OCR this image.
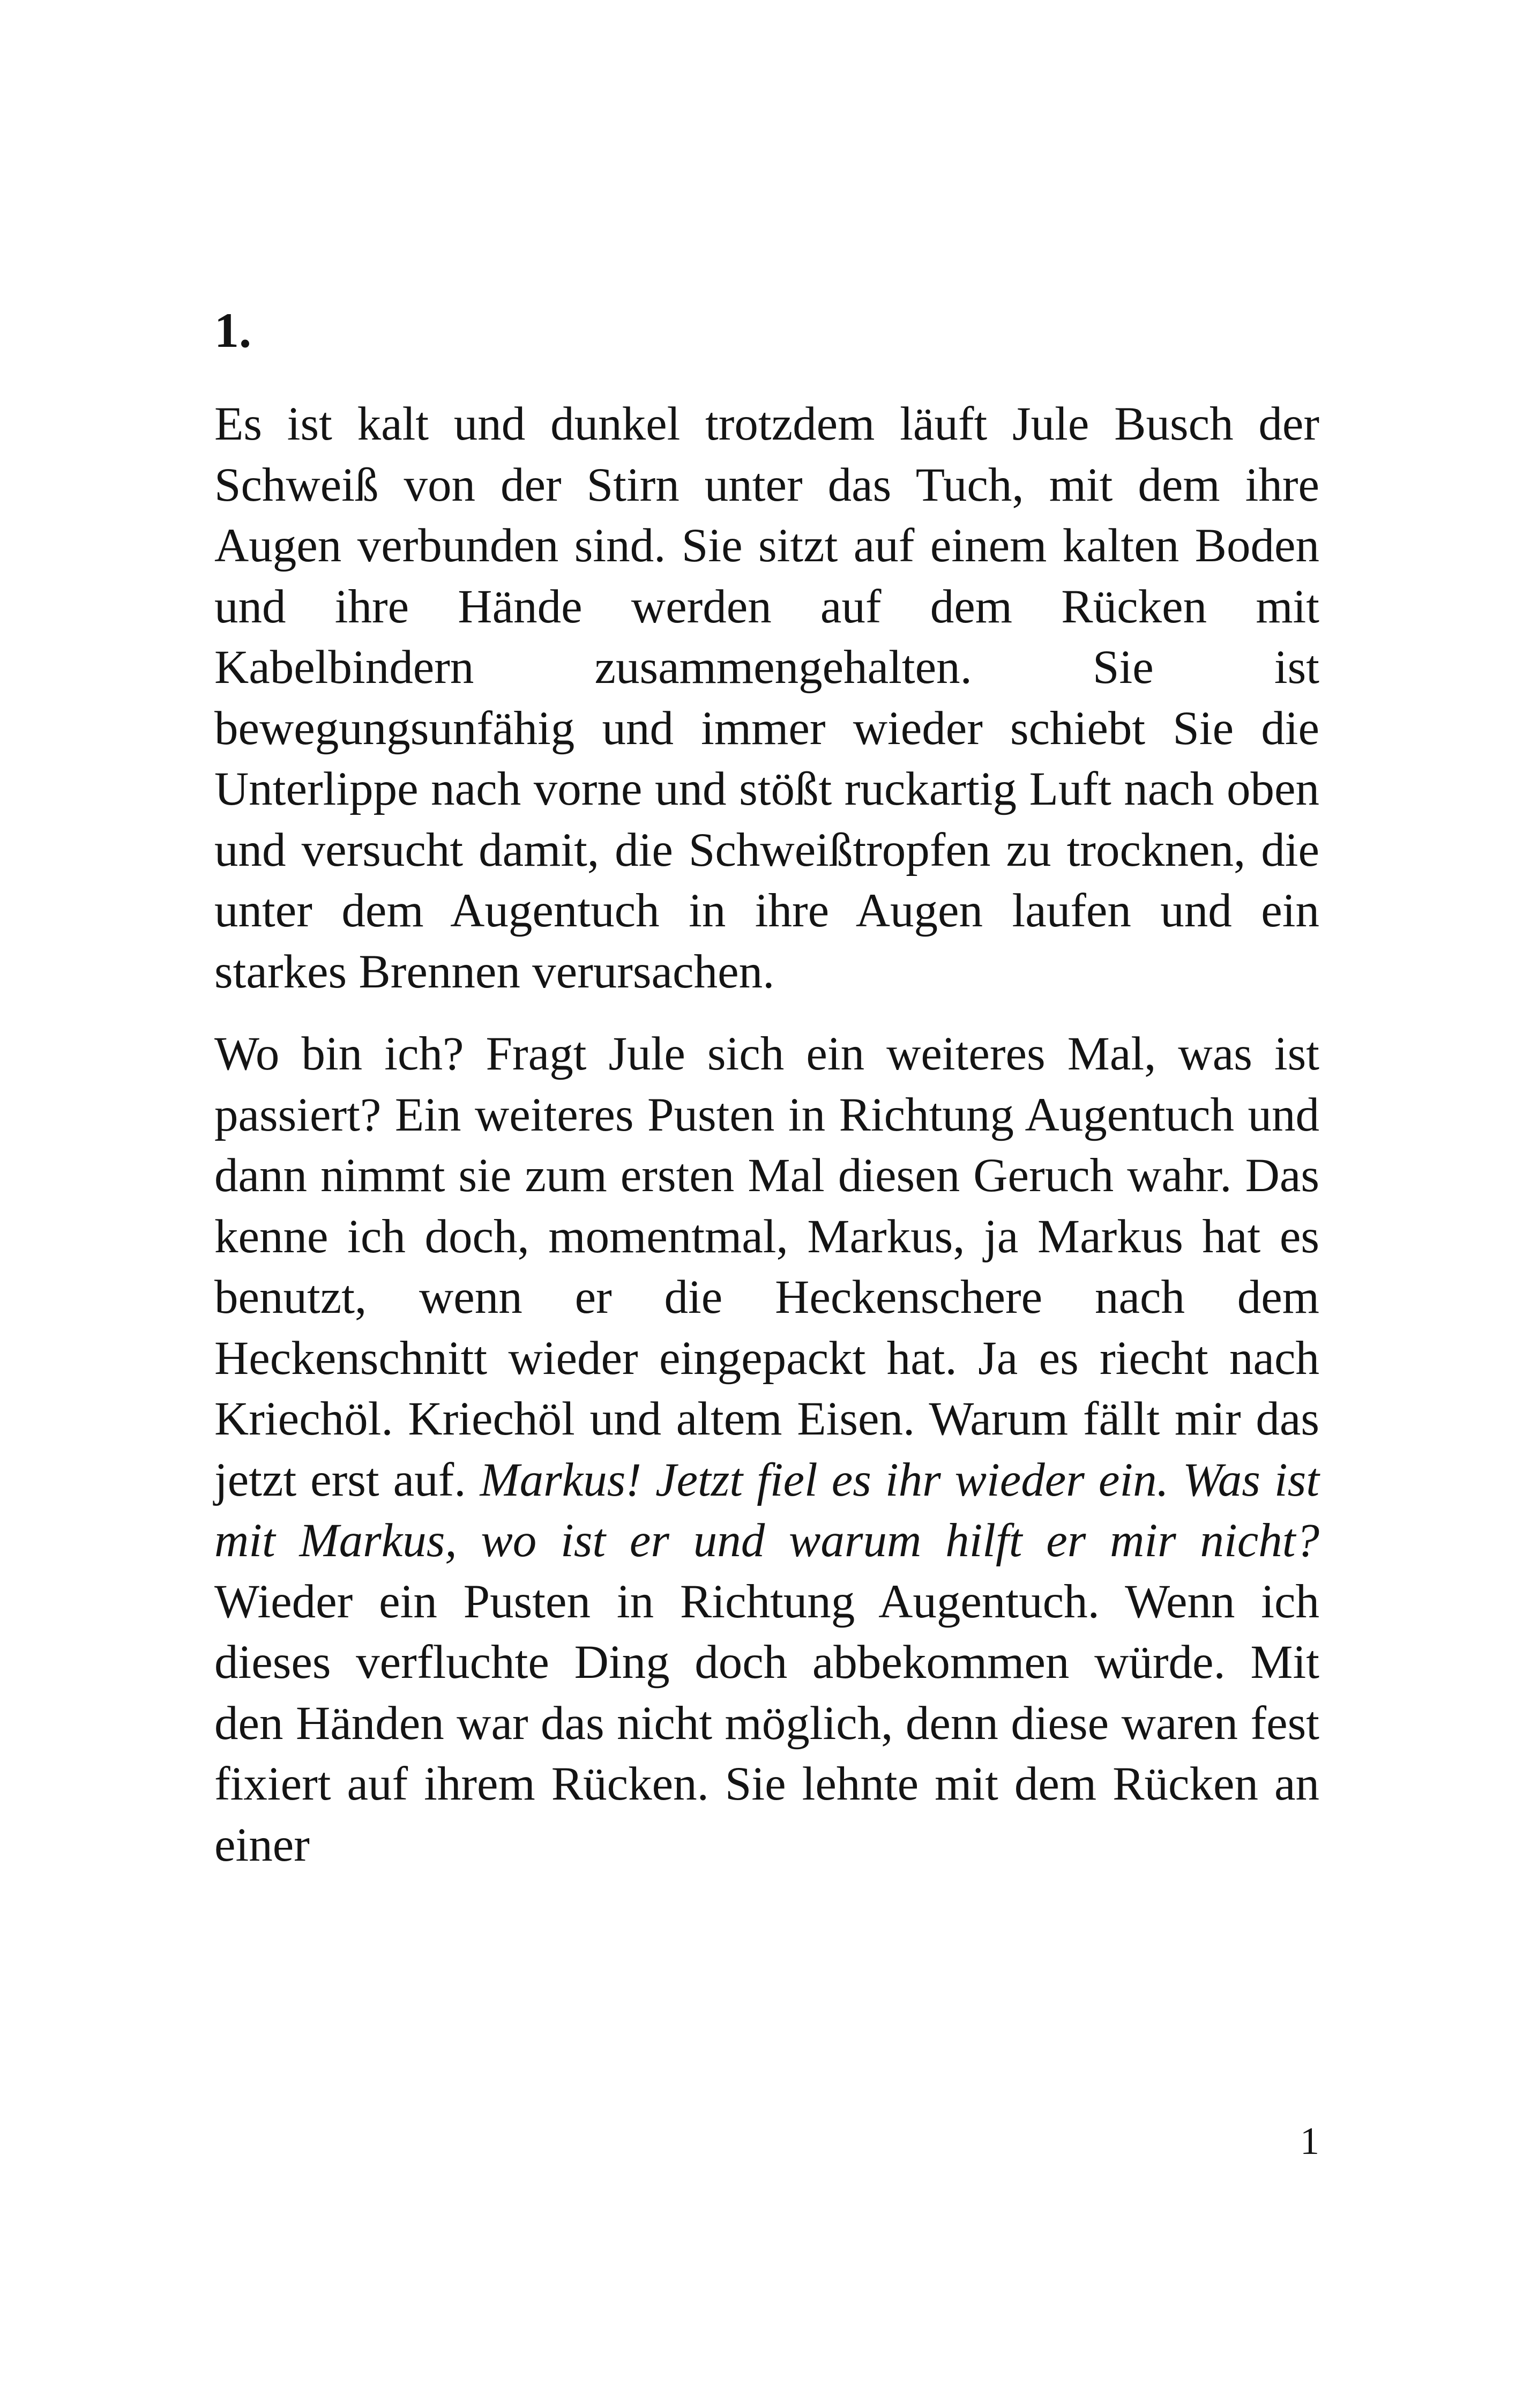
1.

Es ist kalt und dunkel trotzdem läuft Jule Busch der Schweiß von der Stirn unter das Tuch, mit dem ihre Augen verbunden sind. Sie sitzt auf einem kalten Boden und ihre Hände werden auf dem Rücken mit Kabelbindern zusammengehalten. Sie ist bewegungsunfähig und immer wieder schiebt Sie die Unterlippe nach vorne und stößt ruckartig Luft nach oben und versucht damit, die Schweißtropfen zu trocknen, die unter dem Augentuch in ihre Augen laufen und ein starkes Brennen verursachen.

Wo bin ich? Fragt Jule sich ein weiteres Mal, was ist passiert? Ein weiteres Pusten in Richtung Augentuch und dann nimmt sie zum ersten Mal diesen Geruch wahr. Das kenne ich doch, momentmal, Markus, ja Markus hat es benutzt, wenn er die Heckenschere nach dem Heckenschnitt wieder eingepackt hat. Ja es riecht nach Kriechöl. Kriechöl und altem Eisen. Warum fällt mir das jetzt erst auf. Markus! Jetzt fiel es ihr wieder ein. Was ist mit Markus, wo ist er und warum hilft er mir nicht? Wieder ein Pusten in Richtung Augentuch. Wenn ich dieses verfluchte Ding doch abbekommen würde. Mit den Händen war das nicht möglich, denn diese waren fest fixiert auf ihrem Rücken. Sie lehnte mit dem Rücken an einer

1
